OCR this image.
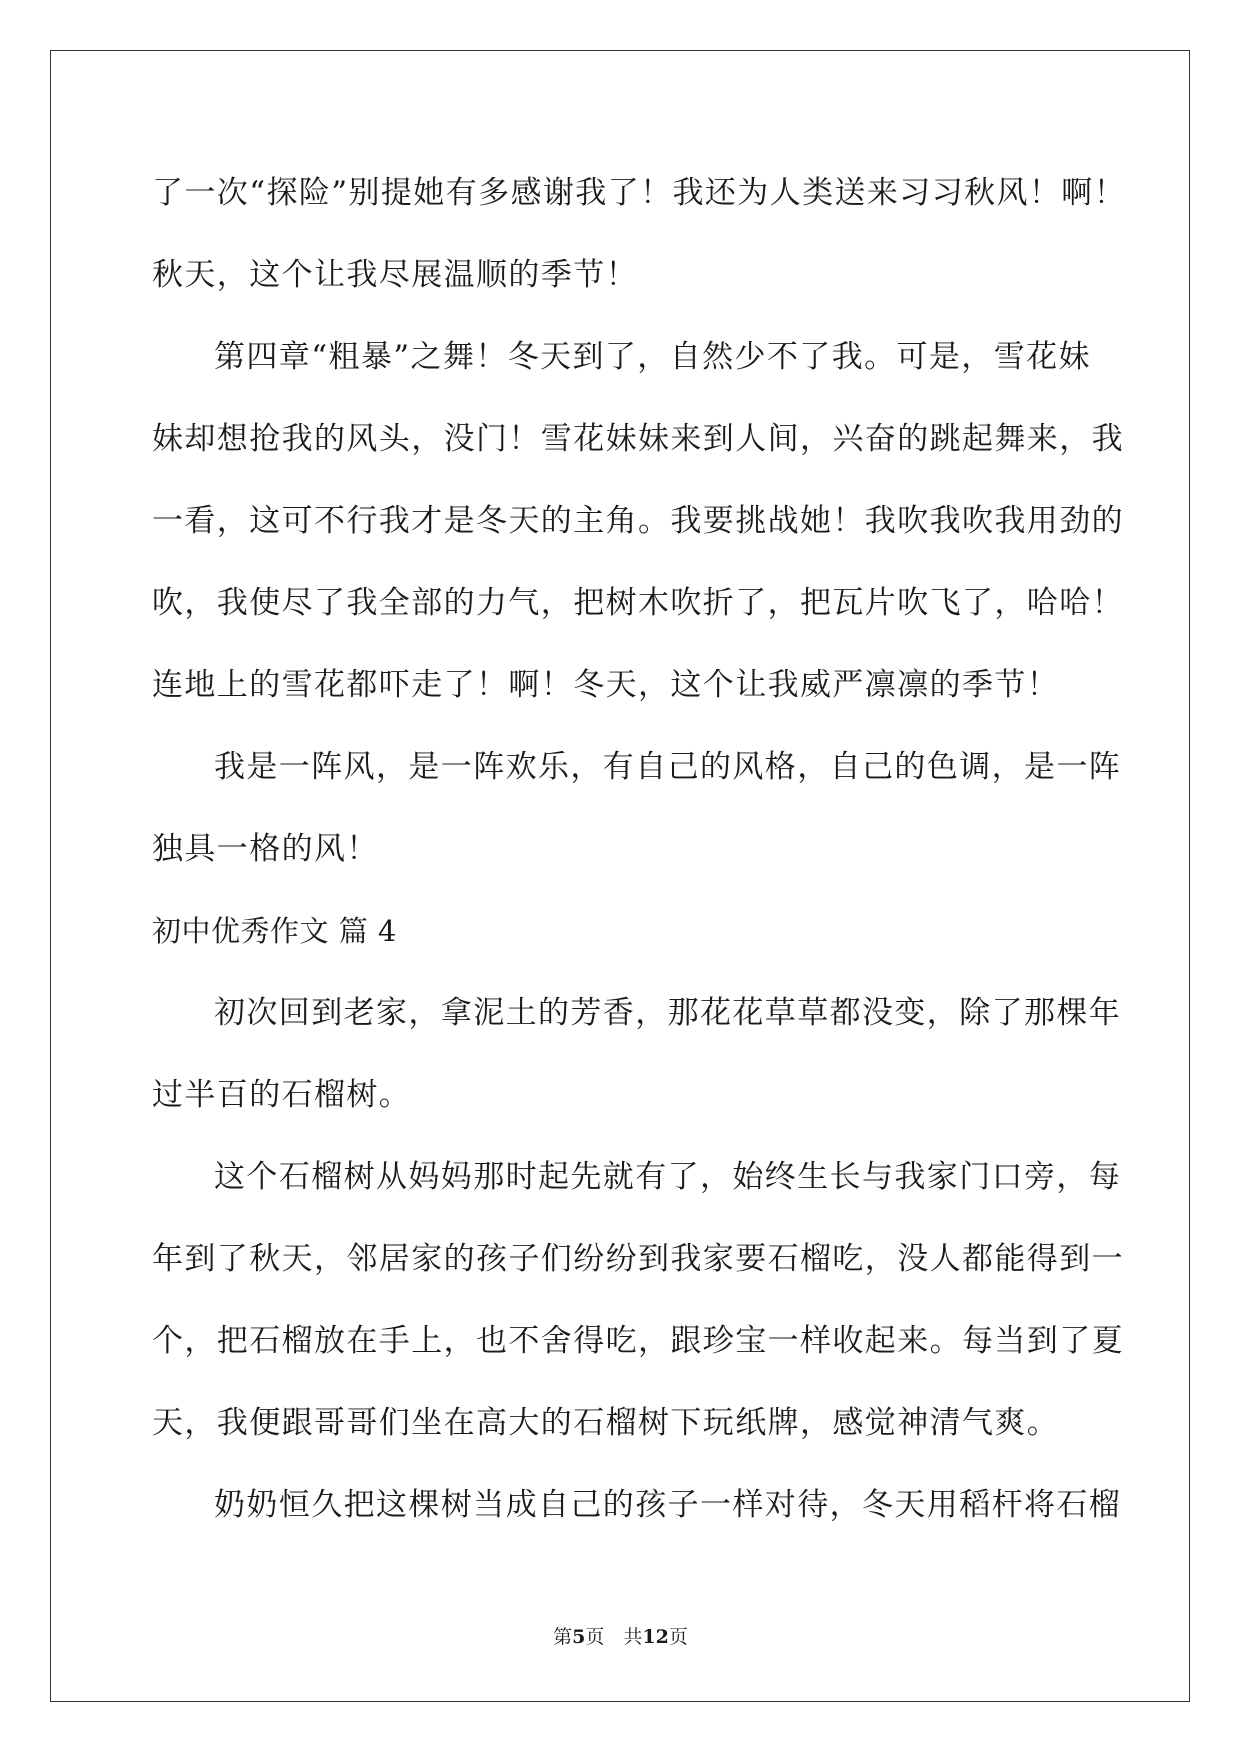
了一次“探险”别提她有多感谢我了！我还为人类送来习习秋风！啊！
秋天，这个让我尽展温顺的季节！
第四章“粗暴”之舞！冬天到了，自然少不了我。可是，雪花妹
妹却想抢我的风头，没门！雪花妹妹来到人间，兴奋的跳起舞来，我
一看，这可不行我才是冬天的主角。我要挑战她！我吹我吹我用劲的
吹，我使尽了我全部的力气，把树木吹折了，把瓦片吹飞了，哈哈！
连地上的雪花都吓走了！啊！冬天，这个让我威严凛凛的季节！
我是一阵风，是一阵欢乐，有自己的风格，自己的色调，是一阵
独具一格的风！
初中优秀作文 篇 4
初次回到老家，拿泥土的芳香，那花花草草都没变，除了那棵年
过半百的石榴树。
这个石榴树从妈妈那时起先就有了，始终生长与我家门口旁，每
年到了秋天，邻居家的孩子们纷纷到我家要石榴吃，没人都能得到一
个，把石榴放在手上，也不舍得吃，跟珍宝一样收起来。每当到了夏
天，我便跟哥哥们坐在高大的石榴树下玩纸牌，感觉神清气爽。
奶奶恒久把这棵树当成自己的孩子一样对待，冬天用稻杆将石榴
第5页　共12页
